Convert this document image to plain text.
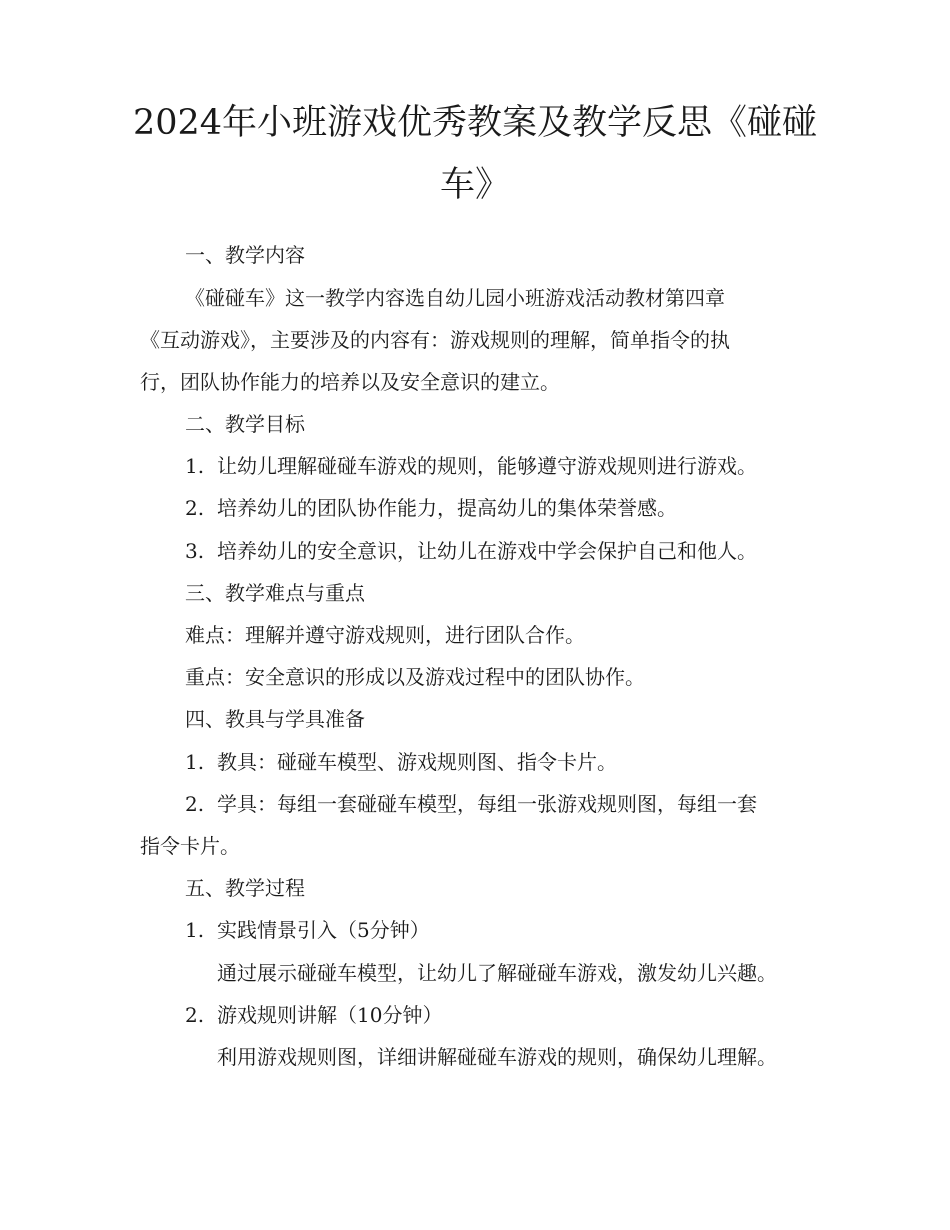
2024年小班游戏优秀教案及教学反思《碰碰
车》
一、教学内容
《碰碰车》这一教学内容选自幼儿园小班游戏活动教材第四章
《互动游戏》，主要涉及的内容有：游戏规则的理解，简单指令的执
行，团队协作能力的培养以及安全意识的建立。
二、教学目标
1. 让幼儿理解碰碰车游戏的规则，能够遵守游戏规则进行游戏。
2. 培养幼儿的团队协作能力，提高幼儿的集体荣誉感。
3. 培养幼儿的安全意识，让幼儿在游戏中学会保护自己和他人。
三、教学难点与重点
难点：理解并遵守游戏规则，进行团队合作。
重点：安全意识的形成以及游戏过程中的团队协作。
四、教具与学具准备
1. 教具：碰碰车模型、游戏规则图、指令卡片。
2. 学具：每组一套碰碰车模型，每组一张游戏规则图，每组一套
指令卡片。
五、教学过程
1. 实践情景引入（5分钟）
通过展示碰碰车模型，让幼儿了解碰碰车游戏，激发幼儿兴趣。
2. 游戏规则讲解（10分钟）
利用游戏规则图，详细讲解碰碰车游戏的规则，确保幼儿理解。
